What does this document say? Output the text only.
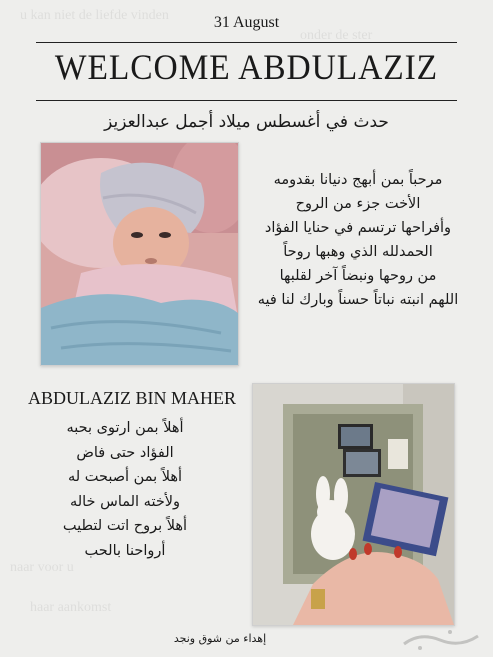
u kan niet de liefde vinden
onder de ster
naar voor u
haar aankomst
31 August
WELCOME ABDULAZIZ
حدث في أغسطس ميلاد أجمل عبدالعزيز
مرحباً بمن أبهج دنيانا بقدومه
الأخت جزء من الروح
وأفراحها ترتسم في حنايا الفؤاد
الحمدلله الذي وهبها روحاً
من روحها ونبضاً آخر لقلبها
اللهم انبته نباتاً حسناً وبارك لنا فيه
ABDULAZIZ BIN MAHER
أهلاً بمن ارتوى بحبه
الفؤاد حتى فاض
أهلاً بمن أصبحت له
ولأخته الماس خاله
أهلاً بروح اتت لتطيب
أرواحنا بالحب
إهداء من شوق ونجد
